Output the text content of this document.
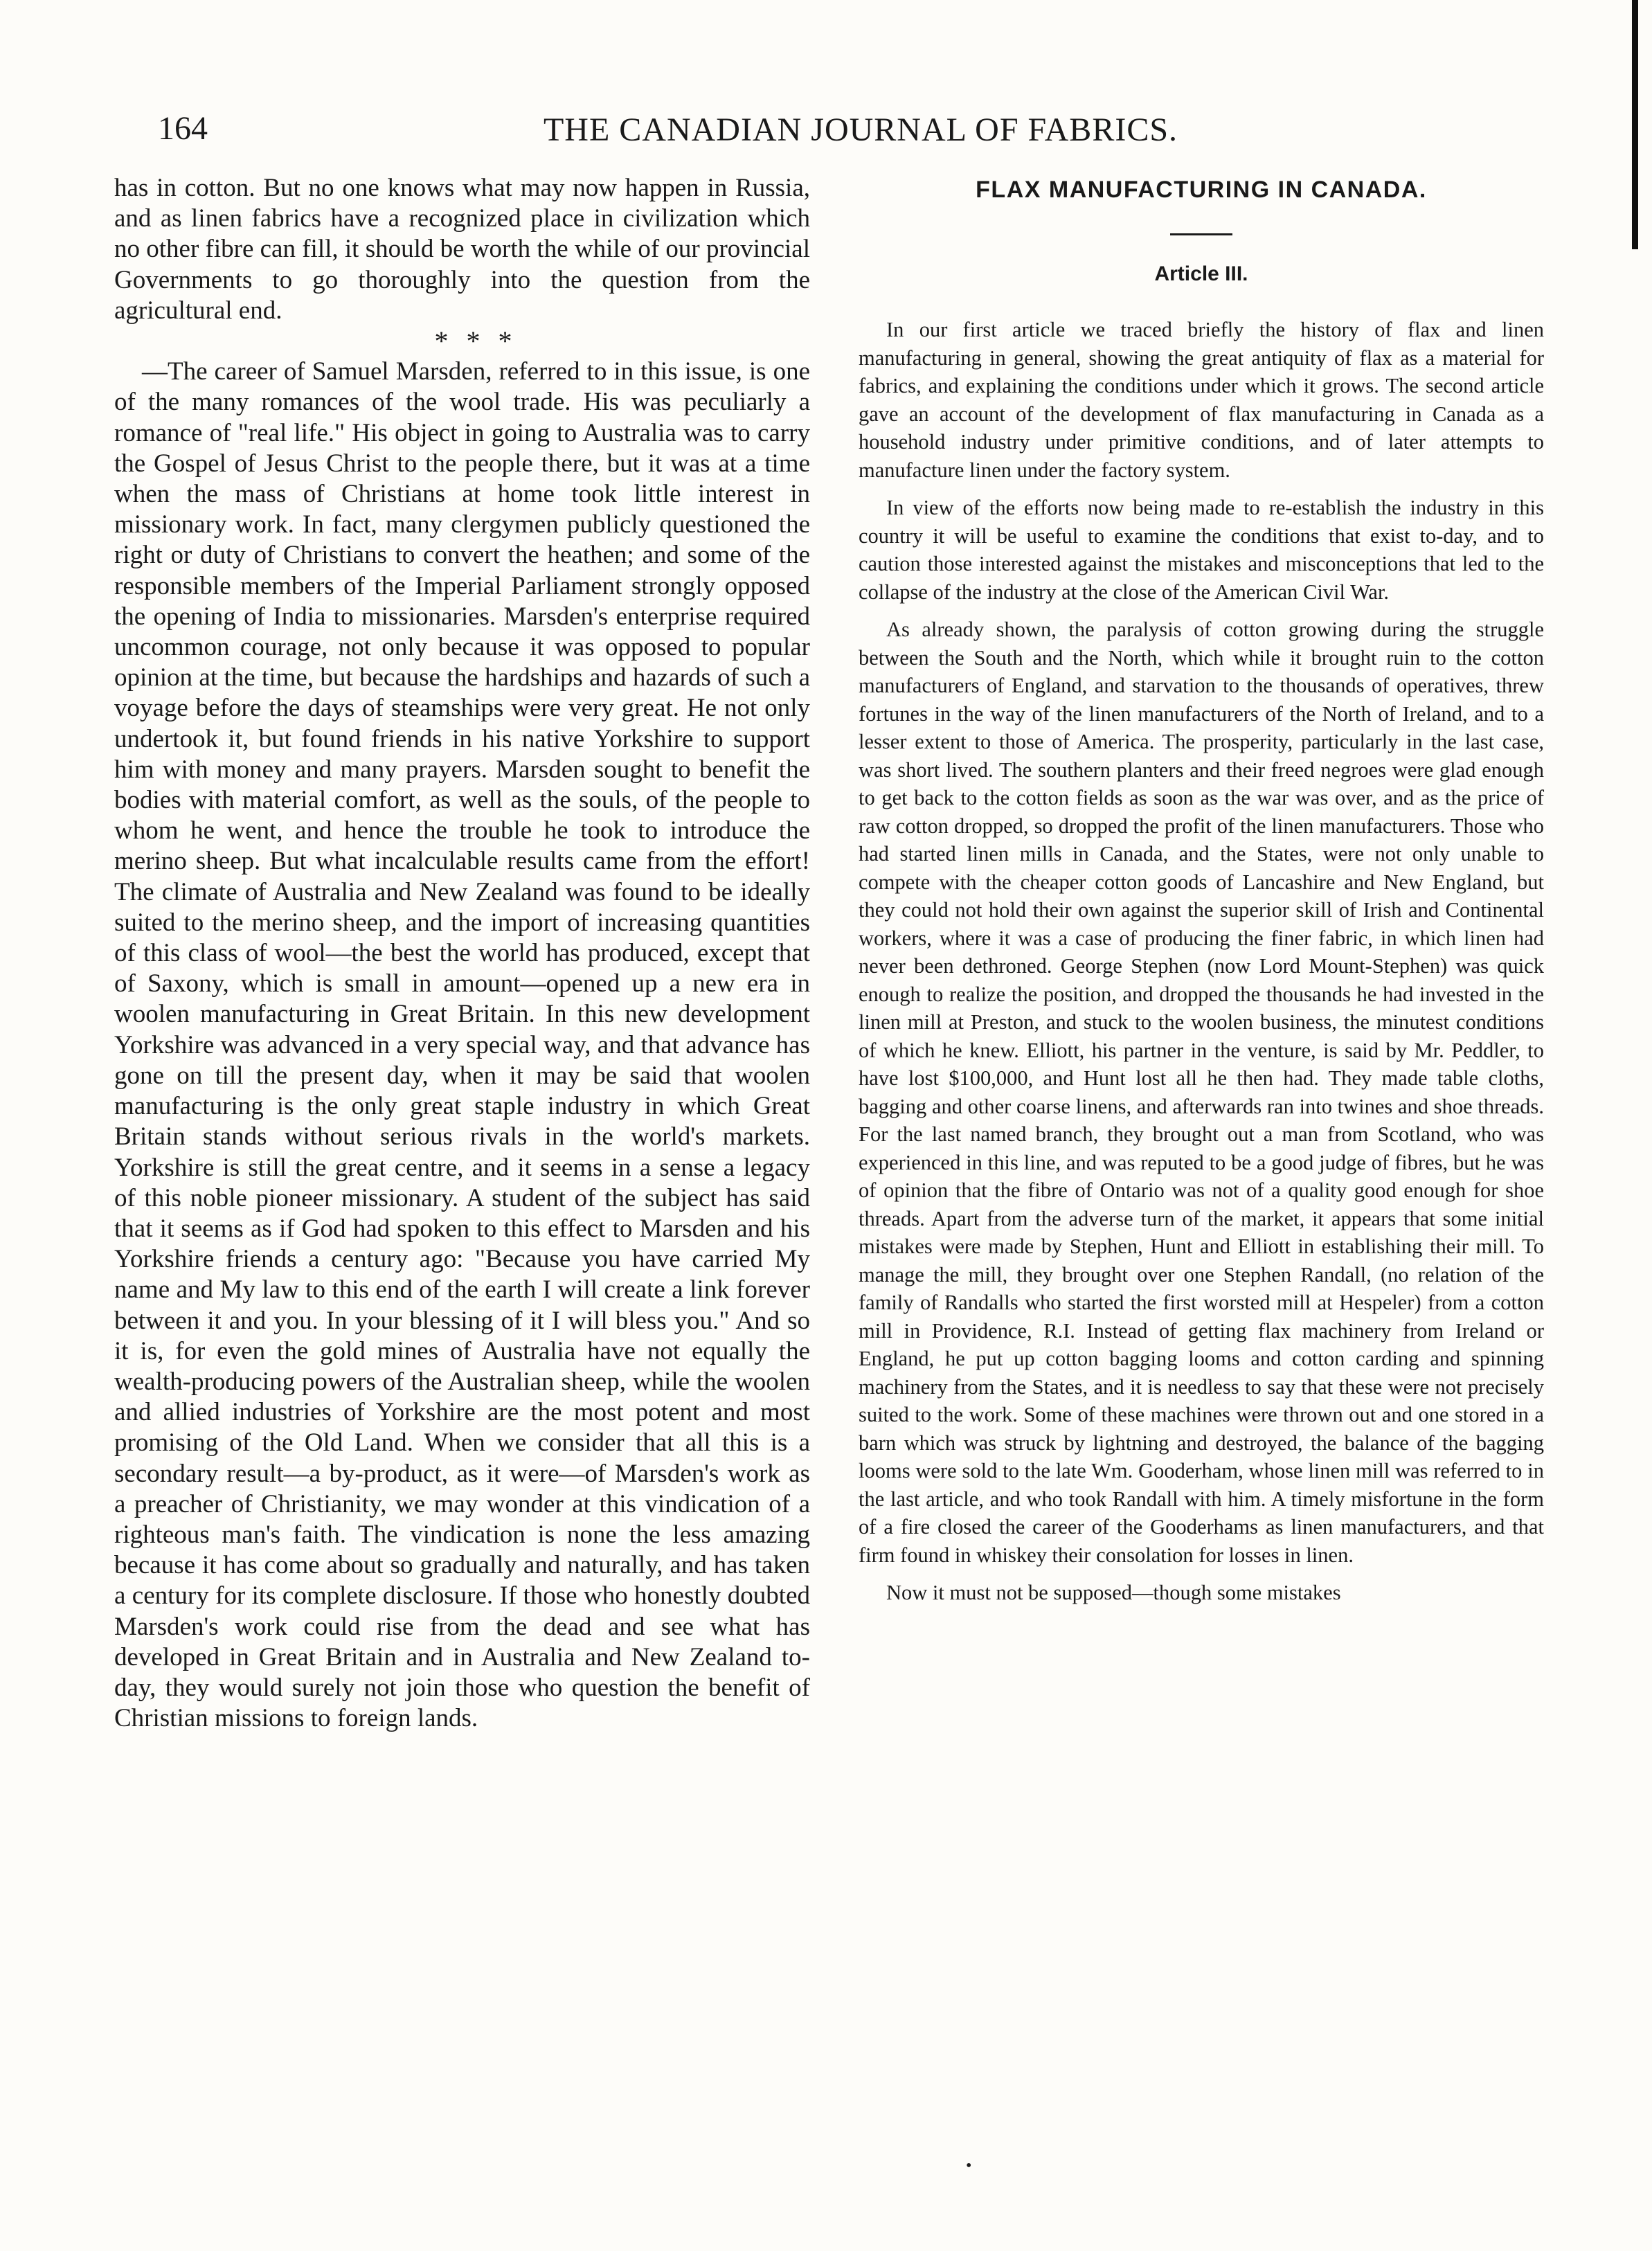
164	THE CANADIAN JOURNAL OF FABRICS.

has in cotton. But no one knows what may now happen in Russia, and as linen fabrics have a recognized place in civilization which no other fibre can fill, it should be worth the while of our provincial Governments to go thoroughly into the question from the agricultural end.

* * *

—The career of Samuel Marsden, referred to in this issue, is one of the many romances of the wool trade. His was peculiarly a romance of "real life." His object in going to Australia was to carry the Gospel of Jesus Christ to the people there, but it was at a time when the mass of Christians at home took little interest in missionary work. In fact, many clergymen publicly questioned the right or duty of Christians to convert the heathen; and some of the responsible members of the Imperial Parliament strongly opposed the opening of India to missionaries. Marsden's enterprise required uncommon courage, not only because it was opposed to popular opinion at the time, but because the hardships and hazards of such a voyage before the days of steamships were very great. He not only undertook it, but found friends in his native Yorkshire to support him with money and many prayers. Marsden sought to benefit the bodies with material comfort, as well as the souls, of the people to whom he went, and hence the trouble he took to introduce the merino sheep. But what incalculable results came from the effort! The climate of Australia and New Zealand was found to be ideally suited to the merino sheep, and the import of increasing quantities of this class of wool—the best the world has produced, except that of Saxony, which is small in amount—opened up a new era in woolen manufacturing in Great Britain. In this new development Yorkshire was advanced in a very special way, and that advance has gone on till the present day, when it may be said that woolen manufacturing is the only great staple industry in which Great Britain stands without serious rivals in the world's markets. Yorkshire is still the great centre, and it seems in a sense a legacy of this noble pioneer missionary. A student of the subject has said that it seems as if God had spoken to this effect to Marsden and his Yorkshire friends a century ago: "Because you have carried My name and My law to this end of the earth I will create a link forever between it and you. In your blessing of it I will bless you." And so it is, for even the gold mines of Australia have not equally the wealth-producing powers of the Australian sheep, while the woolen and allied industries of Yorkshire are the most potent and most promising of the Old Land. When we consider that all this is a secondary result—a by-product, as it were—of Marsden's work as a preacher of Christianity, we may wonder at this vindication of a righteous man's faith. The vindication is none the less amazing because it has come about so gradually and naturally, and has taken a century for its complete disclosure. If those who honestly doubted Marsden's work could rise from the dead and see what has developed in Great Britain and in Australia and New Zealand to-day, they would surely not join those who question the benefit of Christian missions to foreign lands.

FLAX MANUFACTURING IN CANADA.
Article III.

In our first article we traced briefly the history of flax and linen manufacturing in general, showing the great antiquity of flax as a material for fabrics, and explaining the conditions under which it grows. The second article gave an account of the development of flax manufacturing in Canada as a household industry under primitive conditions, and of later attempts to manufacture linen under the factory system.

In view of the efforts now being made to re-establish the industry in this country it will be useful to examine the conditions that exist to-day, and to caution those interested against the mistakes and misconceptions that led to the collapse of the industry at the close of the American Civil War.

As already shown, the paralysis of cotton growing during the struggle between the South and the North, which while it brought ruin to the cotton manufacturers of England, and starvation to the thousands of operatives, threw fortunes in the way of the linen manufacturers of the North of Ireland, and to a lesser extent to those of America. The prosperity, particularly in the last case, was short lived. The southern planters and their freed negroes were glad enough to get back to the cotton fields as soon as the war was over, and as the price of raw cotton dropped, so dropped the profit of the linen manufacturers. Those who had started linen mills in Canada, and the States, were not only unable to compete with the cheaper cotton goods of Lancashire and New England, but they could not hold their own against the superior skill of Irish and Continental workers, where it was a case of producing the finer fabric, in which linen had never been dethroned. George Stephen (now Lord Mount-Stephen) was quick enough to realize the position, and dropped the thousands he had invested in the linen mill at Preston, and stuck to the woolen business, the minutest conditions of which he knew. Elliott, his partner in the venture, is said by Mr. Peddler, to have lost $100,000, and Hunt lost all he then had. They made table cloths, bagging and other coarse linens, and afterwards ran into twines and shoe threads. For the last named branch, they brought out a man from Scotland, who was experienced in this line, and was reputed to be a good judge of fibres, but he was of opinion that the fibre of Ontario was not of a quality good enough for shoe threads. Apart from the adverse turn of the market, it appears that some initial mistakes were made by Stephen, Hunt and Elliott in establishing their mill. To manage the mill, they brought over one Stephen Randall, (no relation of the family of Randalls who started the first worsted mill at Hespeler) from a cotton mill in Providence, R.I. Instead of getting flax machinery from Ireland or England, he put up cotton bagging looms and cotton carding and spinning machinery from the States, and it is needless to say that these were not precisely suited to the work. Some of these machines were thrown out and one stored in a barn which was struck by lightning and destroyed, the balance of the bagging looms were sold to the late Wm. Gooderham, whose linen mill was referred to in the last article, and who took Randall with him. A timely misfortune in the form of a fire closed the career of the Gooderhams as linen manufacturers, and that firm found in whiskey their consolation for losses in linen.

Now it must not be supposed—though some mistakes

•
